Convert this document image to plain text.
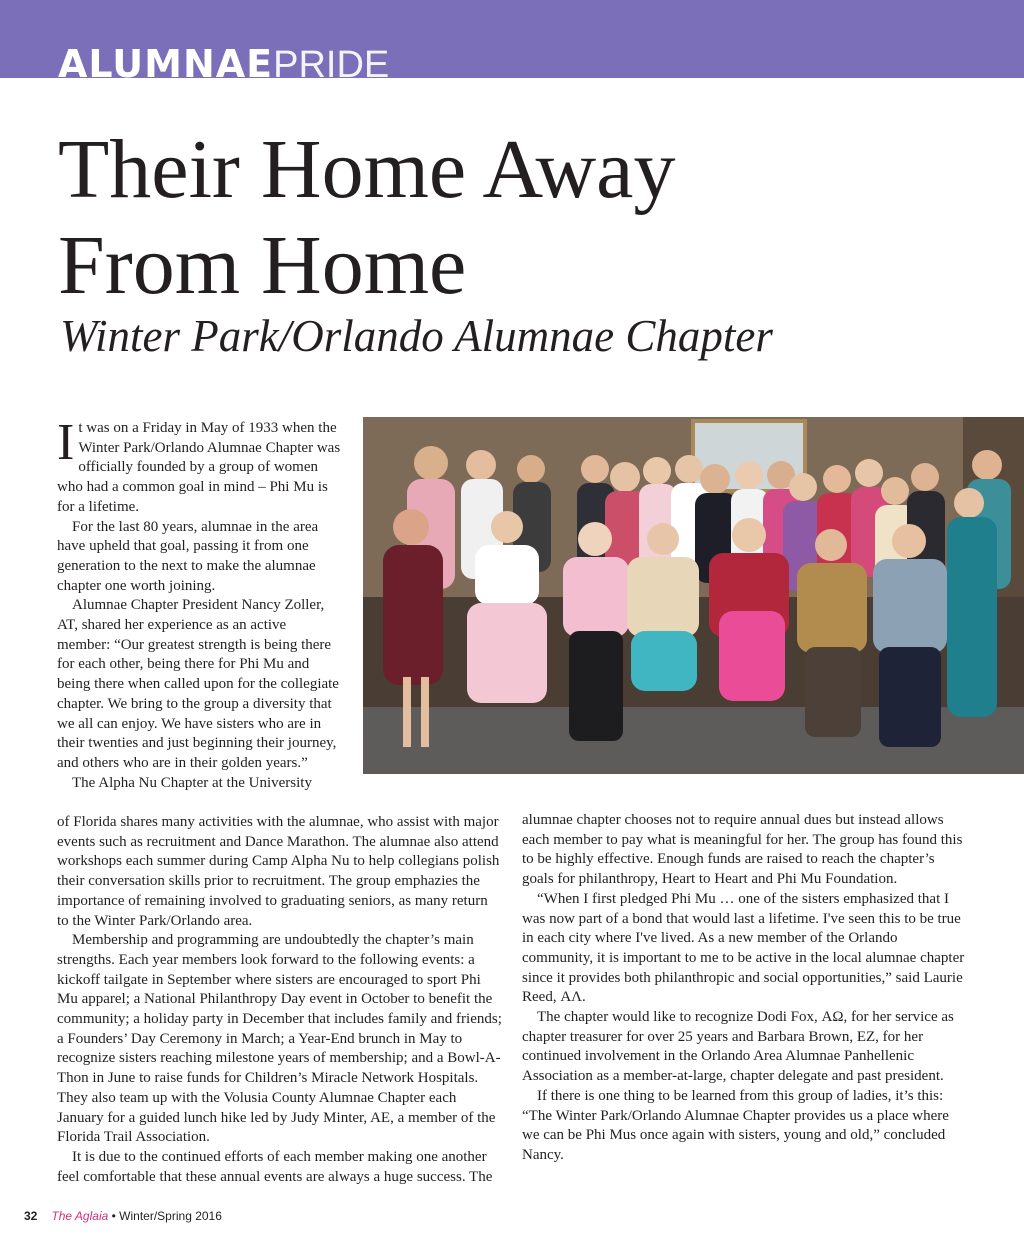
ALUMNAEPRIDE
Their Home Away
From Home
Winter Park/Orlando Alumnae Chapter

It was on a Friday in May of 1933 when the Winter Park/Orlando Alumnae Chapter was officially founded by a group of women who had a common goal in mind – Phi Mu is for a lifetime.

For the last 80 years, alumnae in the area have upheld that goal, passing it from one generation to the next to make the alumnae chapter one worth joining.

Alumnae Chapter President Nancy Zoller, AT, shared her experience as an active member: “Our greatest strength is being there for each other, being there for Phi Mu and being there when called upon for the collegiate chapter. We bring to the group a diversity that we all can enjoy. We have sisters who are in their twenties and just beginning their journey, and others who are in their golden years.”

The Alpha Nu Chapter at the University

of Florida shares many activities with the alumnae, who assist with major events such as recruitment and Dance Marathon. The alumnae also attend workshops each summer during Camp Alpha Nu to help collegians polish their conversation skills prior to recruitment. The group emphazies the importance of remaining involved to graduating seniors, as many return to the Winter Park/Orlando area.

Membership and programming are undoubtedly the chapter’s main strengths. Each year members look forward to the following events: a kickoff tailgate in September where sisters are encouraged to sport Phi Mu apparel; a National Philanthropy Day event in October to benefit the community; a holiday party in December that includes family and friends; a Founders’ Day Ceremony in March; a Year-End brunch in May to recognize sisters reaching milestone years of membership; and a Bowl-A-Thon in June to raise funds for Children’s Miracle Network Hospitals. They also team up with the Volusia County Alumnae Chapter each January for a guided lunch hike led by Judy Minter, AE, a member of the Florida Trail Association.

It is due to the continued efforts of each member making one another feel comfortable that these annual events are always a huge success. The

alumnae chapter chooses not to require annual dues but instead allows each member to pay what is meaningful for her. The group has found this to be highly effective. Enough funds are raised to reach the chapter’s goals for philanthropy, Heart to Heart and Phi Mu Foundation.

“When I first pledged Phi Mu … one of the sisters emphasized that I was now part of a bond that would last a lifetime. I've seen this to be true in each city where I've lived. As a new member of the Orlando community, it is important to me to be active in the local alumnae chapter since it provides both philanthropic and social opportunities,” said Laurie Reed, ΑΛ.

The chapter would like to recognize Dodi Fox, ΑΩ, for her service as chapter treasurer for over 25 years and Barbara Brown, EZ, for her continued involvement in the Orlando Area Alumnae Panhellenic Association as a member-at-large, chapter delegate and past president.

If there is one thing to be learned from this group of ladies, it’s this: “The Winter Park/Orlando Alumnae Chapter provides us a place where we can be Phi Mus once again with sisters, young and old,” concluded Nancy.

32 The Aglaia • Winter/Spring 2016
